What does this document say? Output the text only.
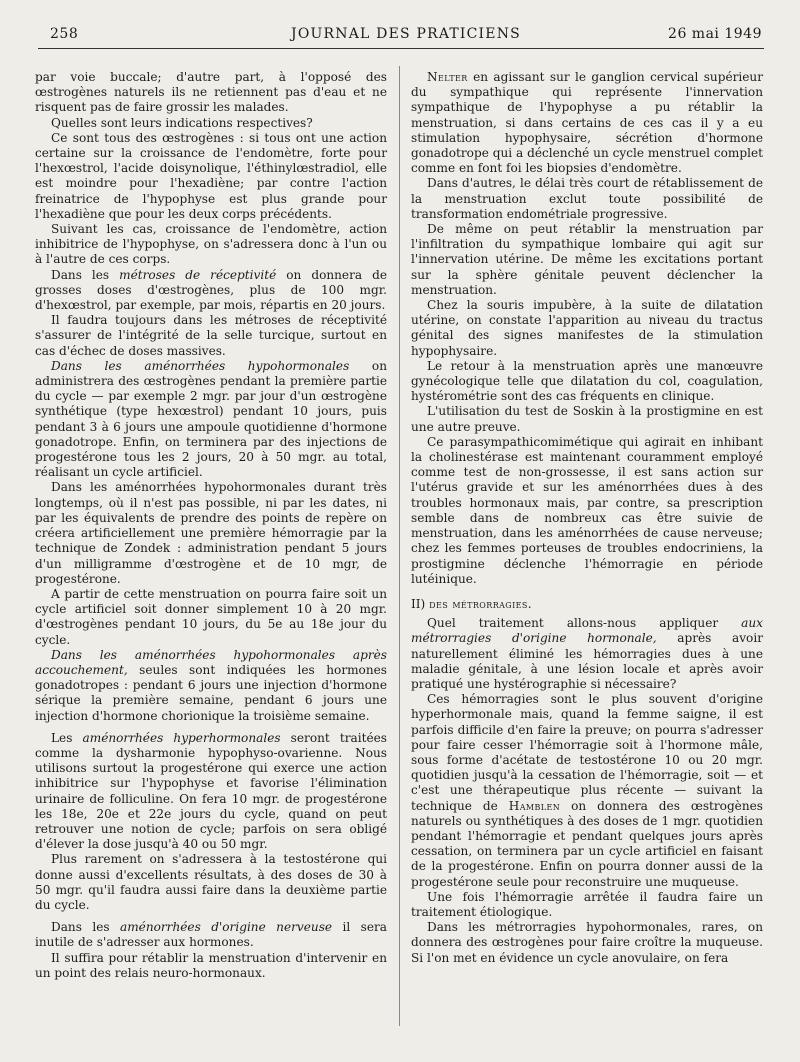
258	JOURNAL DES PRATICIENS	26 mai 1949

par voie buccale; d'autre part, à l'opposé des œstrogènes naturels ils ne retiennent pas d'eau et ne risquent pas de faire grossir les malades.

Quelles sont leurs indications respectives?

Ce sont tous des œstrogènes : si tous ont une action certaine sur la croissance de l'endomètre, forte pour l'hexœstrol, l'acide doisynolique, l'éthinylœstradiol, elle est moindre pour l'hexadiène; par contre l'action freinatrice de l'hypophyse est plus grande pour l'hexadiène que pour les deux corps précédents.

Suivant les cas, croissance de l'endomètre, action inhibitrice de l'hypophyse, on s'adressera donc à l'un ou à l'autre de ces corps.

Dans les métroses de réceptivité on donnera de grosses doses d'œstrogènes, plus de 100 mgr. d'hexœstrol, par exemple, par mois, répartis en 20 jours.

Il faudra toujours dans les métroses de réceptivité s'assurer de l'intégrité de la selle turcique, surtout en cas d'échec de doses massives.

Dans les aménorrhées hypohormonales on administrera des œstrogènes pendant la première partie du cycle — par exemple 2 mgr. par jour d'un œstrogène synthétique (type hexœstrol) pendant 10 jours, puis pendant 3 à 6 jours une ampoule quotidienne d'hormone gonadotrope. Enfin, on terminera par des injections de progestérone tous les 2 jours, 20 à 50 mgr. au total, réalisant un cycle artificiel.

Dans les aménorrhées hypohormonales durant très longtemps, où il n'est pas possible, ni par les dates, ni par les équivalents de prendre des points de repère on créera artificiellement une première hémorragie par la technique de Zondek : administration pendant 5 jours d'un milligramme d'œstrogène et de 10 mgr, de progestérone.

A partir de cette menstruation on pourra faire soit un cycle artificiel soit donner simplement 10 à 20 mgr. d'œstrogènes pendant 10 jours, du 5e au 18e jour du cycle.

Dans les aménorrhées hypohormonales après accouchement, seules sont indiquées les hormones gonadotropes : pendant 6 jours une injection d'hormone sérique la première semaine, pendant 6 jours une injection d'hormone chorionique la troisième semaine.

Les aménorrhées hyperhormonales seront traitées comme la dysharmonie hypophyso-ovarienne. Nous utilisons surtout la progestérone qui exerce une action inhibitrice sur l'hypophyse et favorise l'élimination urinaire de folliculine. On fera 10 mgr. de progestérone les 18e, 20e et 22e jours du cycle, quand on peut retrouver une notion de cycle; parfois on sera obligé d'élever la dose jusqu'à 40 ou 50 mgr.

Plus rarement on s'adressera à la testostérone qui donne aussi d'excellents résultats, à des doses de 30 à 50 mgr. qu'il faudra aussi faire dans la deuxième partie du cycle.

Dans les aménorrhées d'origine nerveuse il sera inutile de s'adresser aux hormones.

Il suffira pour rétablir la menstruation d'intervenir en un point des relais neuro-hormonaux.

Nelter en agissant sur le ganglion cervical supérieur du sympathique qui représente l'innervation sympathique de l'hypophyse a pu rétablir la menstruation, si dans certains de ces cas il y a eu stimulation hypophysaire, sécrétion d'hormone gonadotrope qui a déclenché un cycle menstruel complet comme en font foi les biopsies d'endomètre.

Dans d'autres, le délai très court de rétablissement de la menstruation exclut toute possibilité de transformation endométriale progressive.

De même on peut rétablir la menstruation par l'infiltration du sympathique lombaire qui agit sur l'innervation utérine. De même les excitations portant sur la sphère génitale peuvent déclencher la menstruation.

Chez la souris impubère, à la suite de dilatation utérine, on constate l'apparition au niveau du tractus génital des signes manifestes de la stimulation hypophysaire.

Le retour à la menstruation après une manœuvre gynécologique telle que dilatation du col, coagulation, hystérométrie sont des cas fréquents en clinique.

L'utilisation du test de Soskin à la prostigmine en est une autre preuve.

Ce parasympathicomimétique qui agirait en inhibant la cholinestérase est maintenant couramment employé comme test de non-grossesse, il est sans action sur l'utérus gravide et sur les aménorrhées dues à des troubles hormonaux mais, par contre, sa prescription semble dans de nombreux cas être suivie de menstruation, dans les aménorrhées de cause nerveuse; chez les femmes porteuses de troubles endocriniens, la prostigmine déclenche l'hémorragie en période lutéinique.

II) des métrorragies.

Quel traitement allons-nous appliquer aux métrorragies d'origine hormonale, après avoir naturellement éliminé les hémorragies dues à une maladie génitale, à une lésion locale et après avoir pratiqué une hystérographie si nécessaire?

Ces hémorragies sont le plus souvent d'origine hyperhormonale mais, quand la femme saigne, il est parfois difficile d'en faire la preuve; on pourra s'adresser pour faire cesser l'hémorragie soit à l'hormone mâle, sous forme d'acétate de testostérone 10 ou 20 mgr. quotidien jusqu'à la cessation de l'hémorragie, soit — et c'est une thérapeutique plus récente — suivant la technique de Hamblen on donnera des œstrogènes naturels ou synthétiques à des doses de 1 mgr. quotidien pendant l'hémorragie et pendant quelques jours après cessation, on terminera par un cycle artificiel en faisant de la progestérone. Enfin on pourra donner aussi de la progestérone seule pour reconstruire une muqueuse.

Une fois l'hémorragie arrêtée il faudra faire un traitement étiologique.

Dans les métrorragies hypohormonales, rares, on donnera des œstrogènes pour faire croître la muqueuse. Si l'on met en évidence un cycle anovulaire, on fera
